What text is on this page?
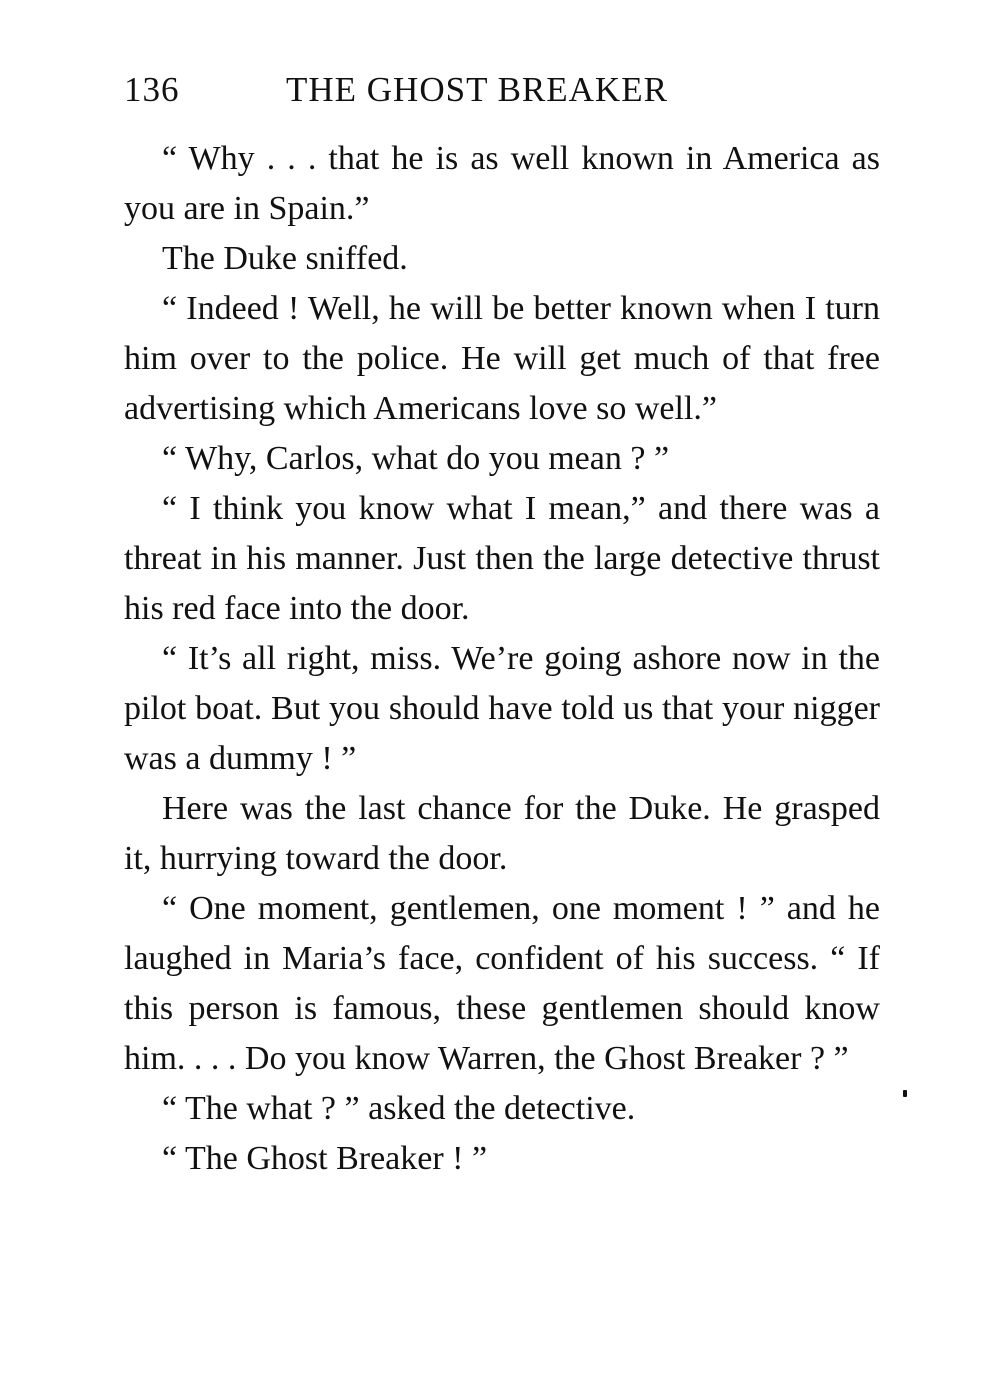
136	THE GHOST BREAKER

“ Why . . . that he is as well known in America as you are in Spain.”

The Duke sniffed.

“ Indeed ! Well, he will be better known when I turn him over to the police. He will get much of that free advertising which Americans love so well.”

“ Why, Carlos, what do you mean ? ”

“ I think you know what I mean,” and there was a threat in his manner. Just then the large detective thrust his red face into the door.

“ It’s all right, miss. We’re going ashore now in the pilot boat. But you should have told us that your nigger was a dummy ! ”

Here was the last chance for the Duke. He grasped it, hurrying toward the door.

“ One moment, gentlemen, one moment ! ” and he laughed in Maria’s face, confident of his success. “ If this person is famous, these gentlemen should know him. . . . Do you know Warren, the Ghost Breaker ? ”

“ The what ? ” asked the detective.

“ The Ghost Breaker ! ”
